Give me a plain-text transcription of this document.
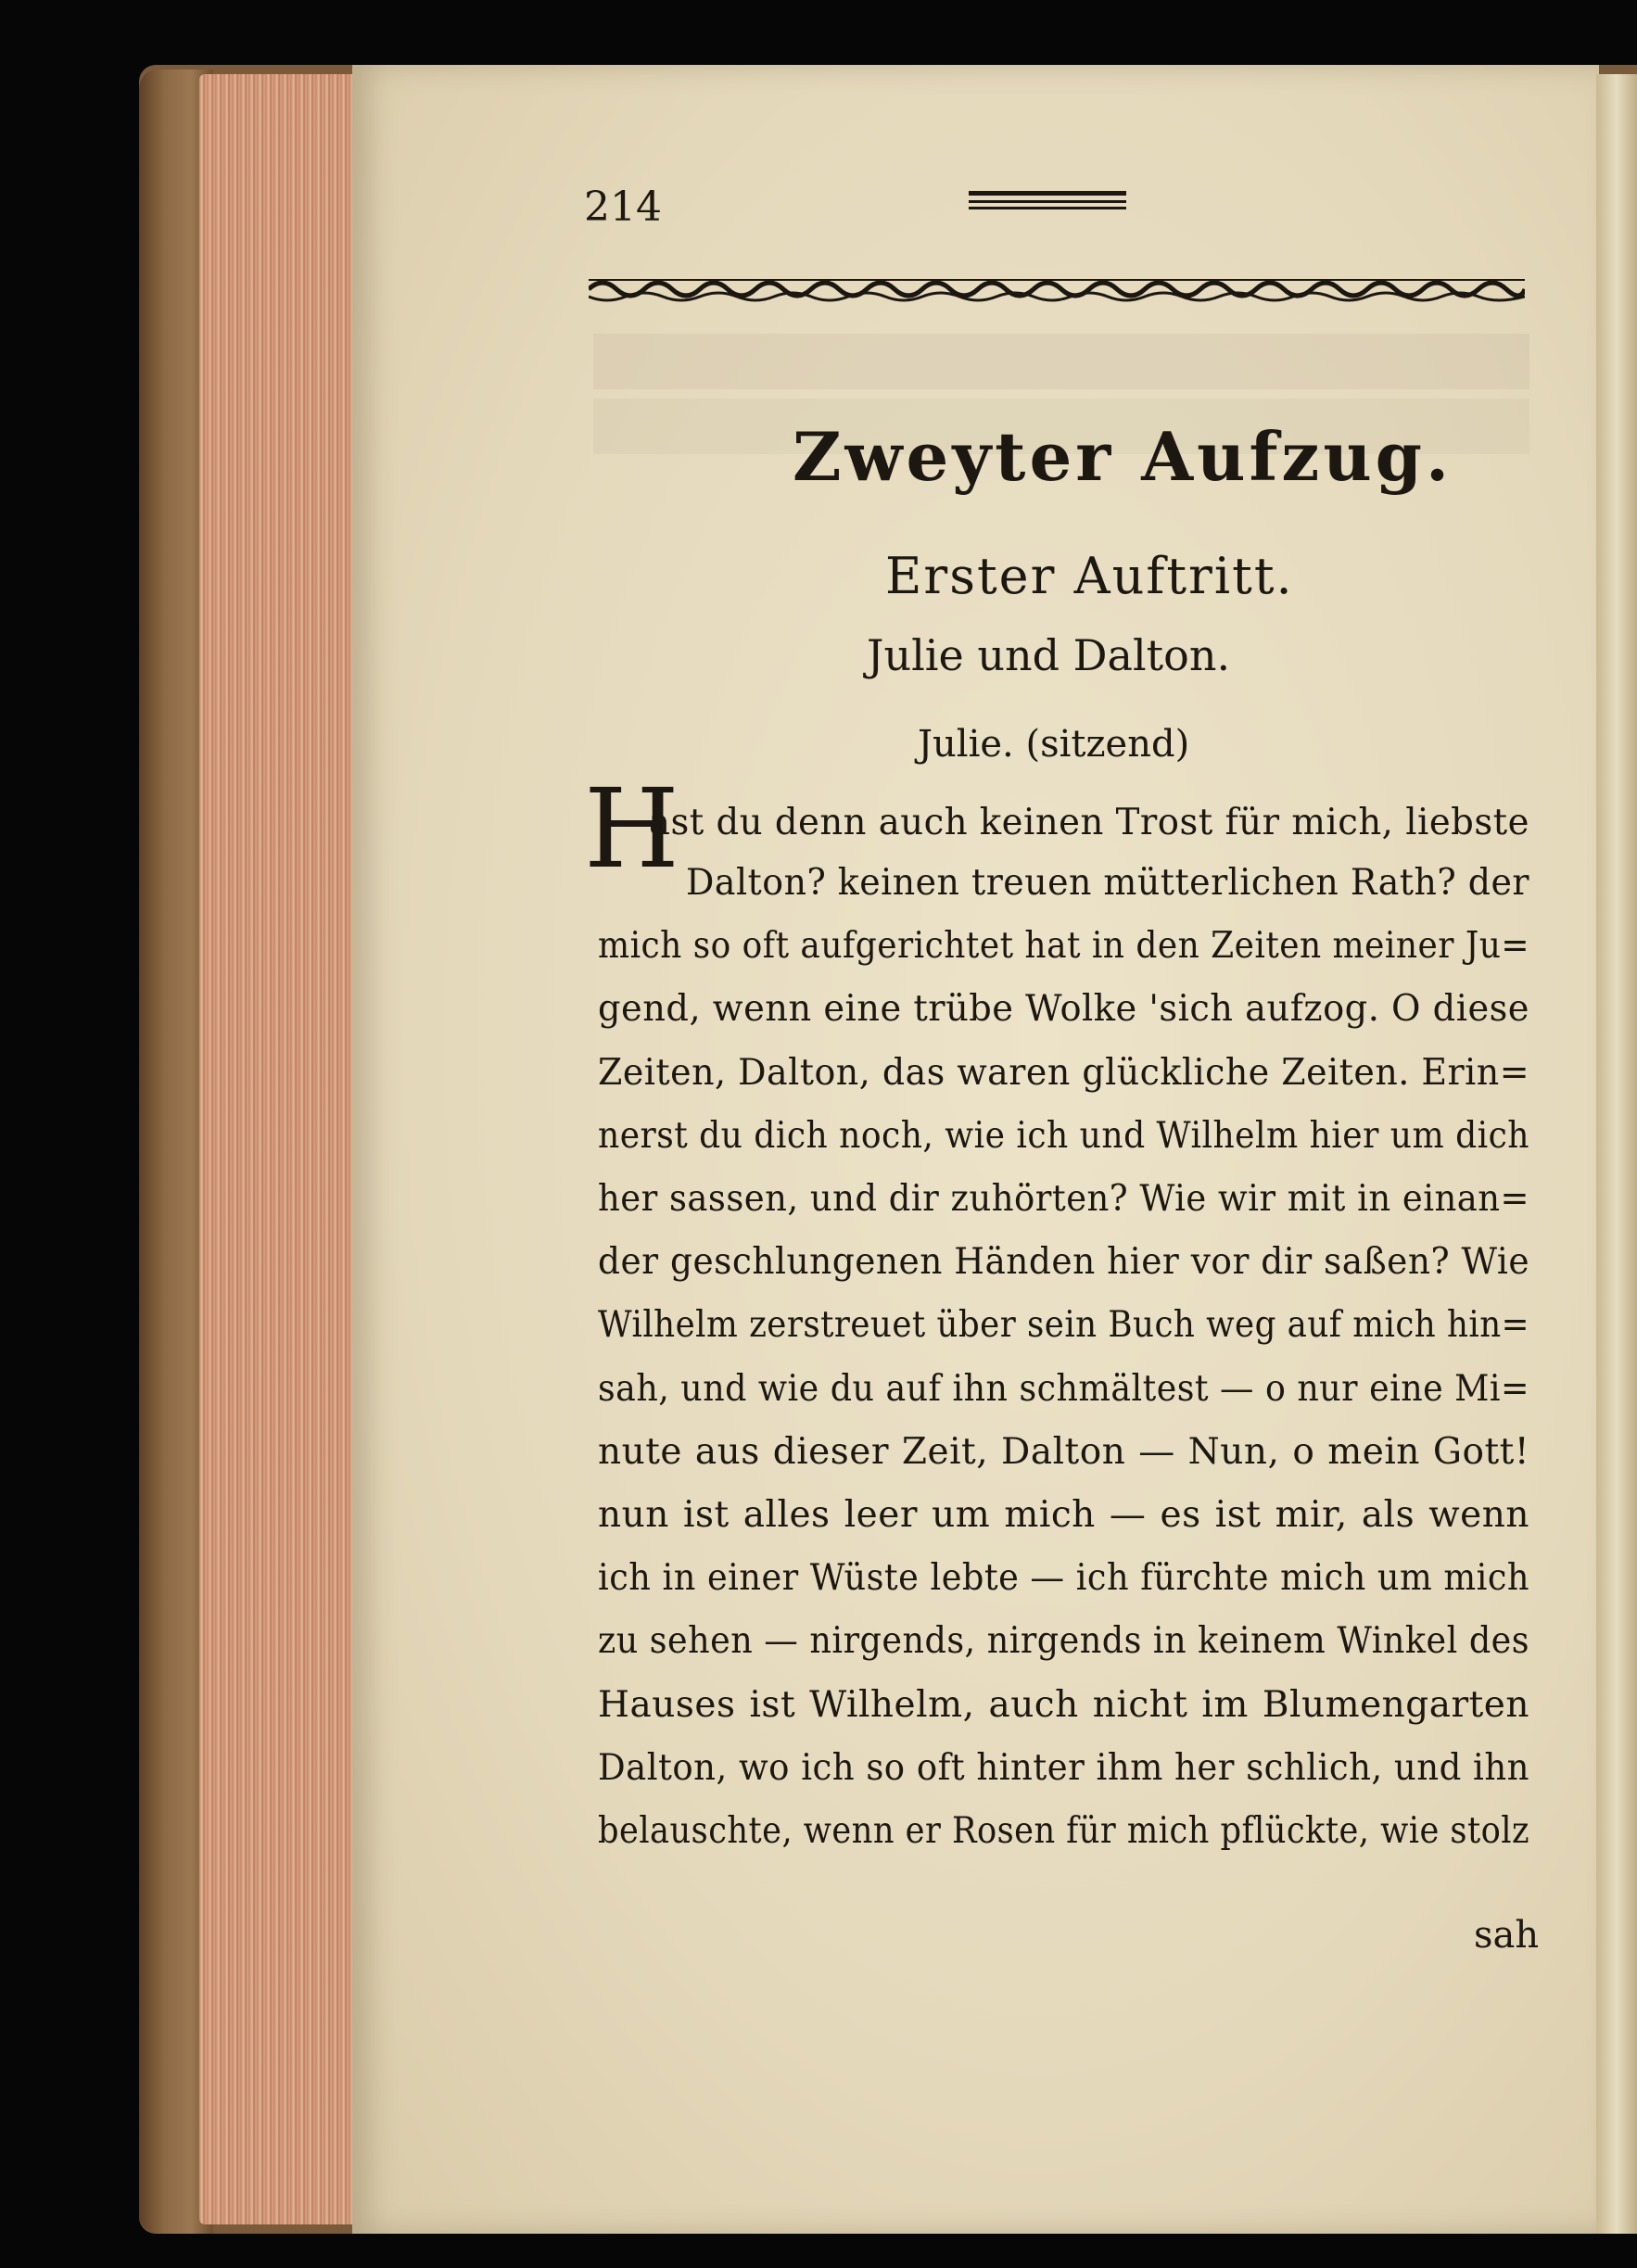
214
Zweyter Aufzug.
Erster Auftritt.
Julie und Dalton.
Julie. (sitzend)
H
ast du denn auch keinen Trost für mich, liebste
Dalton? keinen treuen mütterlichen Rath? der
mich so oft aufgerichtet hat in den Zeiten meiner Ju=
gend, wenn eine trübe Wolke 'sich aufzog. O diese
Zeiten, Dalton, das waren glückliche Zeiten. Erin=
nerst du dich noch, wie ich und Wilhelm hier um dich
her sassen, und dir zuhörten? Wie wir mit in einan=
der geschlungenen Händen hier vor dir saßen? Wie
Wilhelm zerstreuet über sein Buch weg auf mich hin=
sah, und wie du auf ihn schmältest — o nur eine Mi=
nute aus dieser Zeit, Dalton — Nun, o mein Gott!
nun ist alles leer um mich — es ist mir, als wenn
ich in einer Wüste lebte — ich fürchte mich um mich
zu sehen — nirgends, nirgends in keinem Winkel des
Hauses ist Wilhelm, auch nicht im Blumengarten
Dalton, wo ich so oft hinter ihm her schlich, und ihn
belauschte, wenn er Rosen für mich pflückte, wie stolz
sah
